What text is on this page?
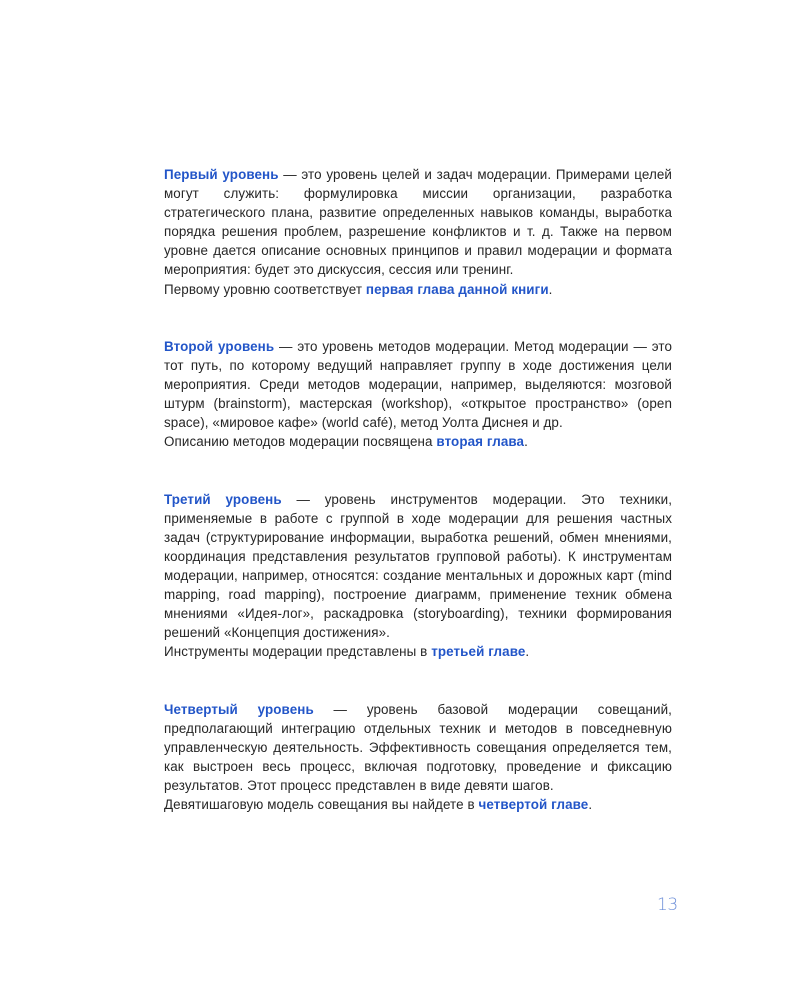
Первый уровень — это уровень целей и задач модерации. Примерами целей могут служить: формулировка миссии организации, разработка стратегического плана, развитие определенных навыков команды, выработка порядка решения проблем, разрешение конфликтов и т. д. Также на первом уровне дается описание основных принципов и правил модерации и формата мероприятия: будет это дискуссия, сессия или тренинг.

Первому уровню соответствует первая глава данной книги.

Второй уровень — это уровень методов модерации. Метод модерации — это тот путь, по которому ведущий направляет группу в ходе достижения цели мероприятия. Среди методов модерации, например, выделяются: мозговой штурм (brainstorm), мастерская (workshop), «открытое пространство» (open space), «мировое кафе» (world café), метод Уолта Диснея и др.

Описанию методов модерации посвящена вторая глава.

Третий уровень — уровень инструментов модерации. Это техники, применяемые в работе с группой в ходе модерации для решения частных задач (структурирование информации, выработка решений, обмен мнениями, координация представления результатов групповой работы). К инструментам модерации, например, относятся: создание ментальных и дорожных карт (mind mapping, road mapping), построение диаграмм, применение техник обмена мнениями «Идея-лог», раскадровка (storyboarding), техники формирования решений «Концепция достижения».

Инструменты модерации представлены в третьей главе.

Четвертый уровень — уровень базовой модерации совещаний, предполагающий интеграцию отдельных техник и методов в повседневную управленческую деятельность. Эффективность совещания определяется тем, как выстроен весь процесс, включая подготовку, проведение и фиксацию результатов. Этот процесс представлен в виде девяти шагов.

Девятишаговую модель совещания вы найдете в четвертой главе.

13
